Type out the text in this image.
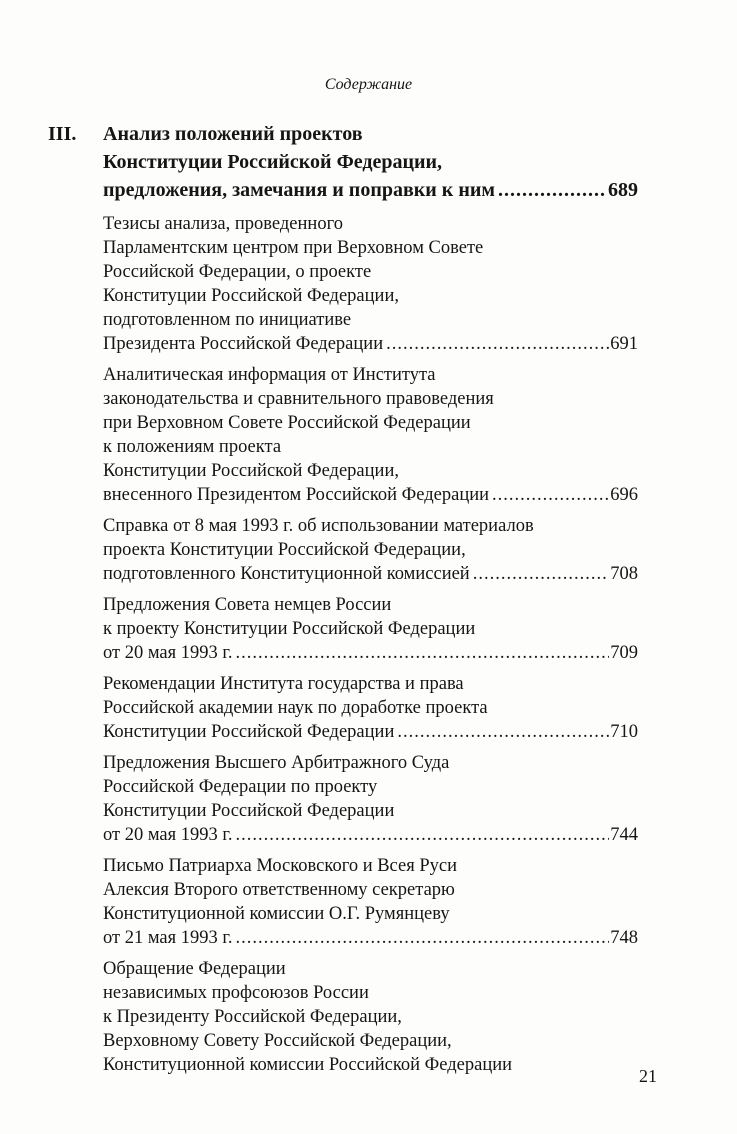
Содержание
III. Анализ положений проектов
Конституции Российской Федерации,
предложения, замечания и поправки к ним .....	689
Тезисы анализа, проведенного
Парламентским центром при Верховном Совете
Российской Федерации, о проекте
Конституции Российской Федерации,
подготовленном по инициативе
Президента Российской Федерации .....	691
Аналитическая информация от Института
законодательства и сравнительного правоведения
при Верховном Совете Российской Федерации
к положениям проекта
Конституции Российской Федерации,
внесенного Президентом Российской Федерации .....	696
Справка от 8 мая 1993 г. об использовании материалов
проекта Конституции Российской Федерации,
подготовленного Конституционной комиссией .....	708
Предложения Совета немцев России
к проекту Конституции Российской Федерации
от 20 мая 1993 г. .....	709
Рекомендации Института государства и права
Российской академии наук по доработке проекта
Конституции Российской Федерации .....	710
Предложения Высшего Арбитражного Суда
Российской Федерации по проекту
Конституции Российской Федерации
от 20 мая 1993 г. .....	744
Письмо Патриарха Московского и Всея Руси
Алексия Второго ответственному секретарю
Конституционной комиссии О.Г. Румянцеву
от 21 мая 1993 г. .....	748
Обращение Федерации
независимых профсоюзов России
к Президенту Российской Федерации,
Верховному Совету Российской Федерации,
Конституционной комиссии Российской Федерации
21
